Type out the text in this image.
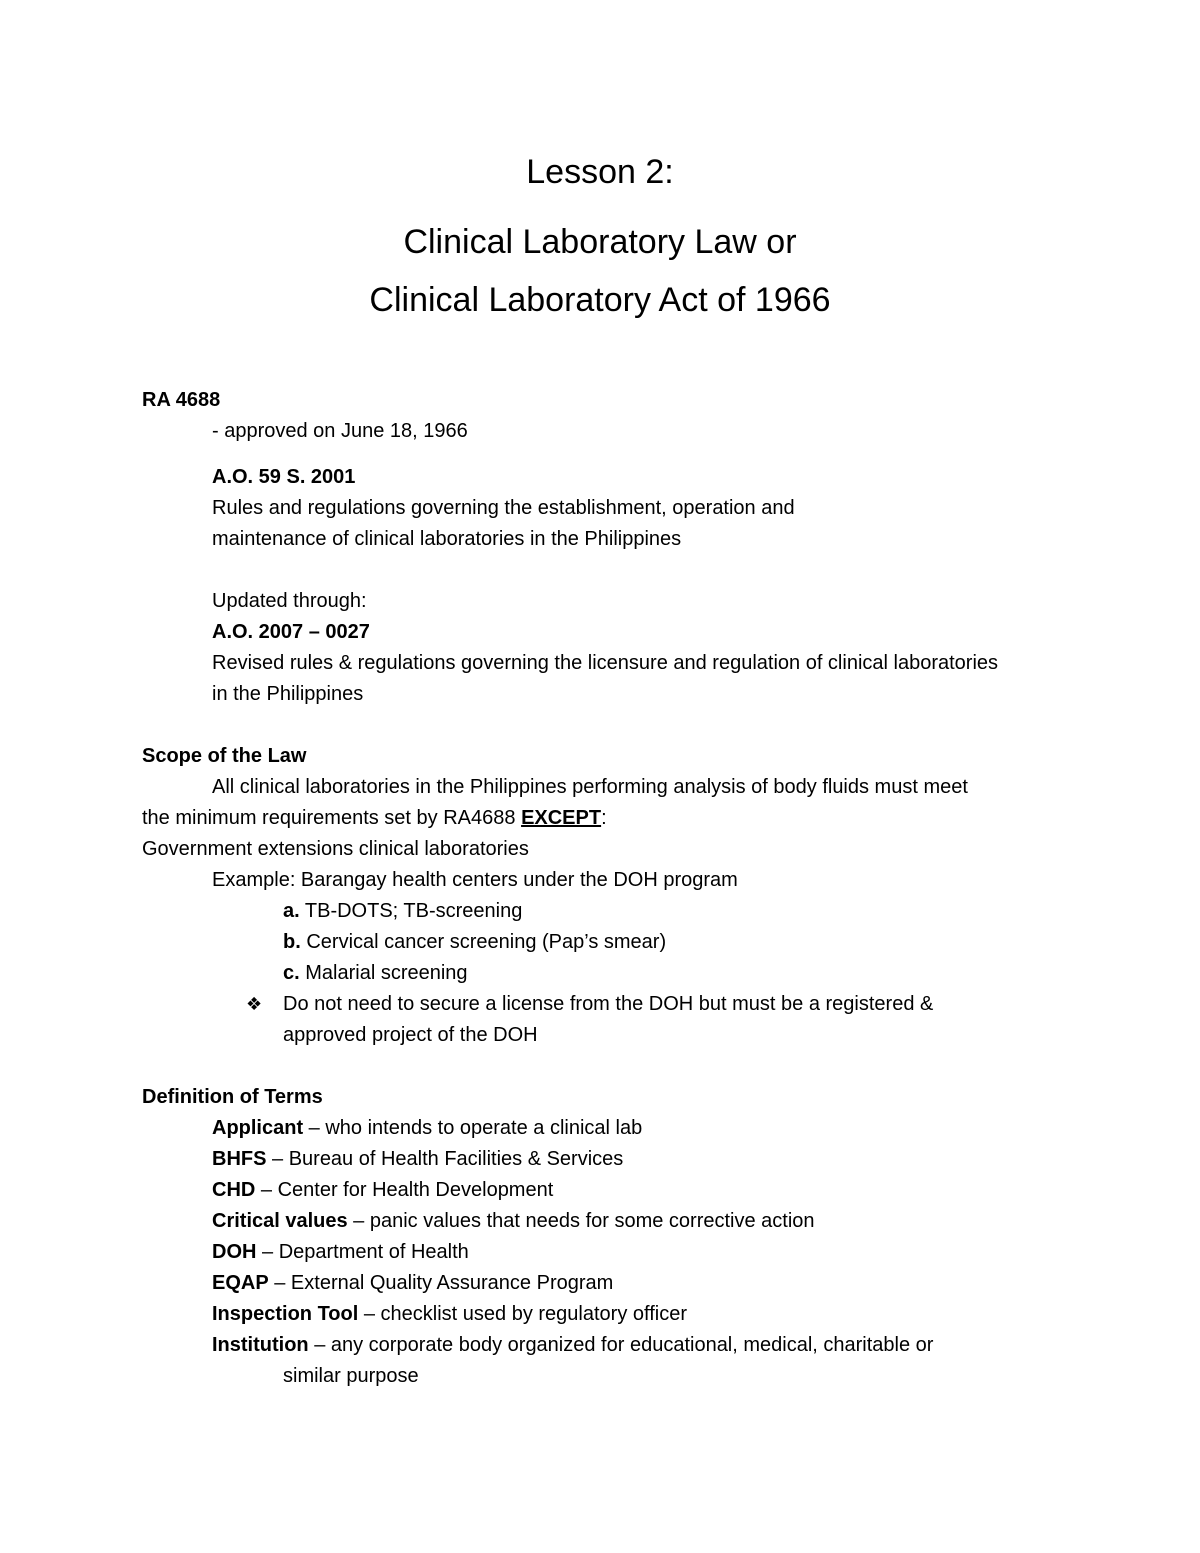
Lesson 2:
Clinical Laboratory Law or
Clinical Laboratory Act of 1966
RA 4688
- approved on June 18, 1966
A.O. 59 S. 2001
Rules and regulations governing the establishment, operation and
maintenance of clinical laboratories in the Philippines
Updated through:
A.O. 2007 – 0027
Revised rules & regulations governing the licensure and regulation of clinical laboratories
in the Philippines
Scope of the Law
All clinical laboratories in the Philippines performing analysis of body fluids must meet
the minimum requirements set by RA4688 EXCEPT:
Government extensions clinical laboratories
Example: Barangay health centers under the DOH program
a. TB-DOTS; TB-screening
b. Cervical cancer screening (Pap’s smear)
c. Malarial screening
❖ Do not need to secure a license from the DOH but must be a registered &
approved project of the DOH
Definition of Terms
Applicant – who intends to operate a clinical lab
BHFS – Bureau of Health Facilities & Services
CHD – Center for Health Development
Critical values – panic values that needs for some corrective action
DOH – Department of Health
EQAP – External Quality Assurance Program
Inspection Tool – checklist used by regulatory officer
Institution – any corporate body organized for educational, medical, charitable or
similar purpose
